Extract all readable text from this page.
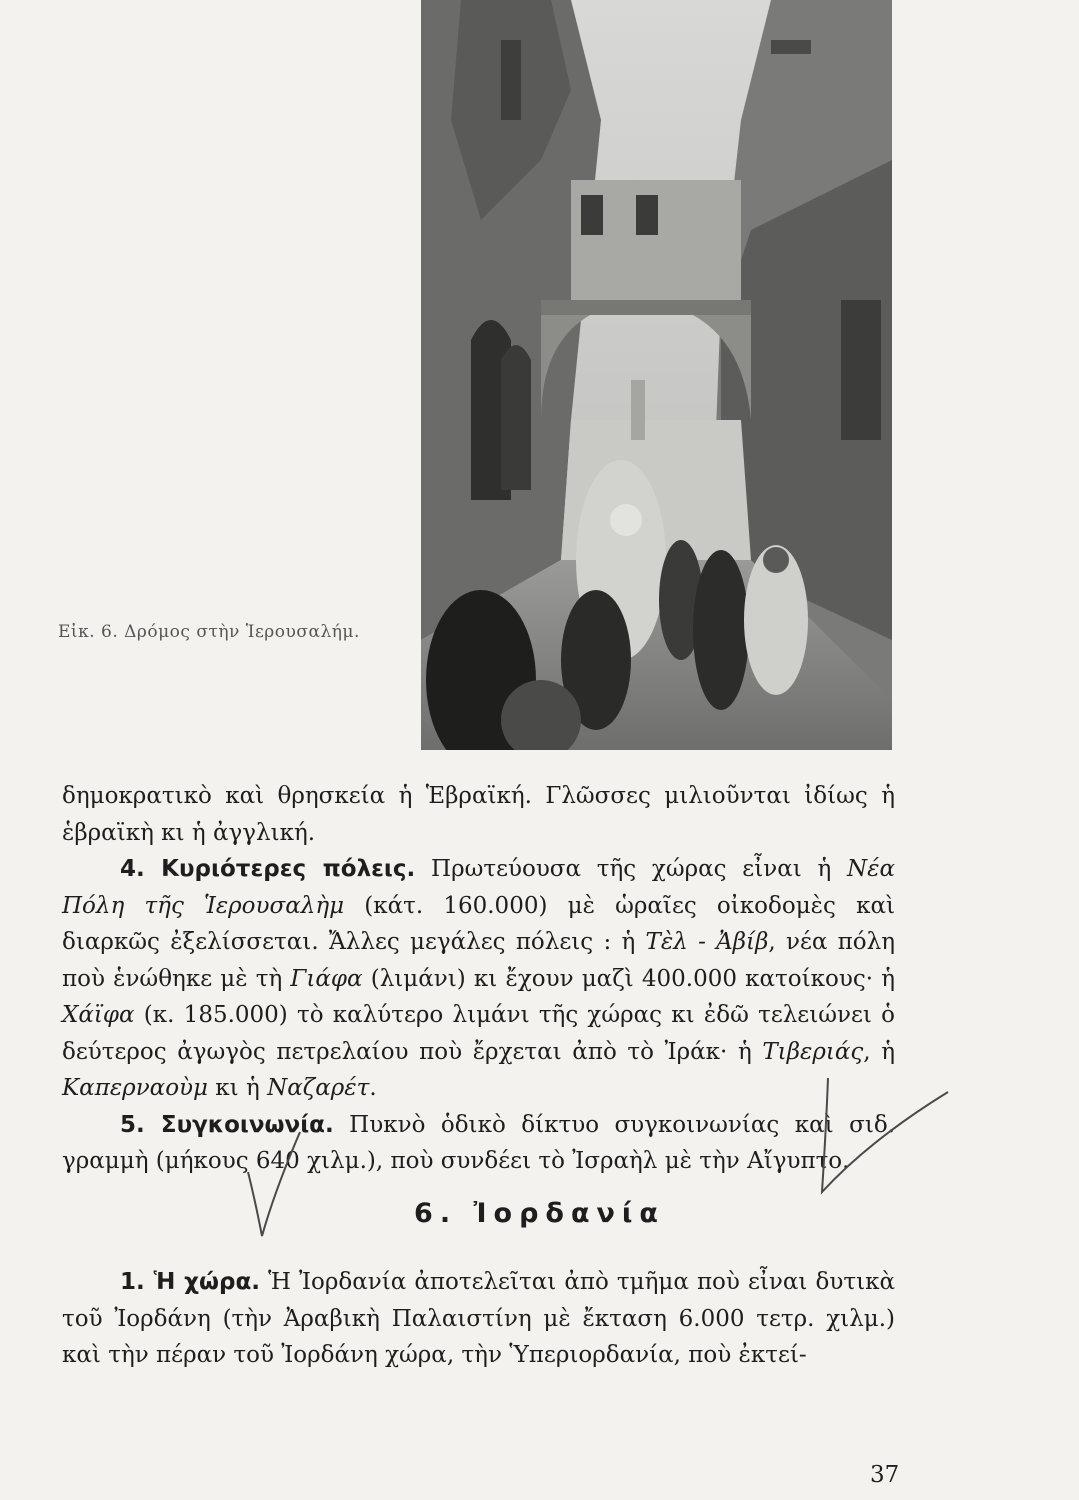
Εἰκ. 6. Δρόμος στὴν Ἱερουσαλήμ.

δημοκρατικὸ καὶ θρησκεία ἡ Ἑβραϊκή. Γλῶσσες μιλιοῦνται ἰδίως ἡ ἑβραϊκὴ κι ἡ ἀγγλική.

4. Κυριότερες πόλεις. Πρωτεύουσα τῆς χώρας εἶναι ἡ Νέα Πόλη τῆς Ἱερουσαλὴμ (κάτ. 160.000) μὲ ὡραῖες οἰκοδομὲς καὶ διαρκῶς ἐξελίσσεται. Ἄλλες μεγάλες πόλεις : ἡ Τὲλ - Ἀβίβ, νέα πόλη ποὺ ἑνώθηκε μὲ τὴ Γιάφα (λιμάνι) κι ἔχουν μαζὶ 400.000 κατοίκους· ἡ Χάϊφα (κ. 185.000) τὸ καλύτερο λιμάνι τῆς χώρας κι ἐδῶ τελειώνει ὁ δεύτερος ἀγωγὸς πετρελαίου ποὺ ἔρχεται ἀπὸ τὸ Ἰράκ· ἡ Τιβεριάς, ἡ Καπερναοὺμ κι ἡ Ναζαρέτ.

5. Συγκοινωνία. Πυκνὸ ὁδικὸ δίκτυο συγκοινωνίας καὶ σιδ. γραμμὴ (μήκους 640 χιλμ.), ποὺ συνδέει τὸ Ἰσραὴλ μὲ τὴν Αἴγυπτο.

6. Ἰορδανία

1. Ἡ χώρα. Ἡ Ἰορδανία ἀποτελεῖται ἀπὸ τμῆμα ποὺ εἶναι δυτικὰ τοῦ Ἰορδάνη (τὴν Ἀραβικὴ Παλαιστίνη μὲ ἔκταση 6.000 τετρ. χιλμ.) καὶ τὴν πέραν τοῦ Ἰορδάνη χώρα, τὴν Ὑπεριορδανία, ποὺ ἐκτεί-

37
